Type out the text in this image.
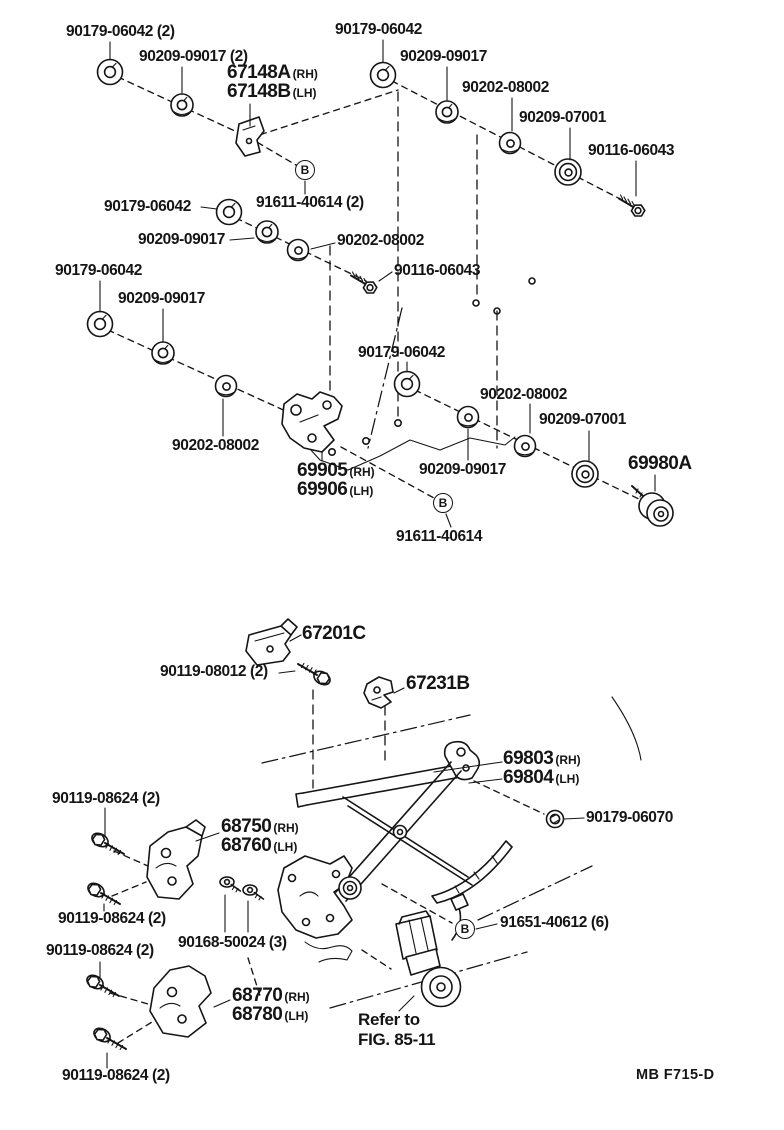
90179-06042 (2)
90209-09017 (2)
67148A (RH)
67148B (LH)
90179-06042
90209-09017
90202-08002
90209-07001
90116-06043
91611-40614 (2)
90179-06042
90209-09017	90202-08002
90116-06043
90179-06042
90209-09017
90202-08002
69905 (RH)
69906 (LH)
90179-06042
90202-08002
90209-07001
69980A
90209-09017
91611-40614
67201C
90119-08012 (2)
67231B
69803 (RH)
69804 (LH)
90179-06070
68750 (RH)
68760 (LH)
90119-08624 (2)
90119-08624 (2)
90168-50024 (3)
90119-08624 (2)
68770 (RH)
68780 (LH)
90119-08624 (2)
91651-40612 (6)
Refer to
FIG. 85-11
MB F715-D
B
B
B
